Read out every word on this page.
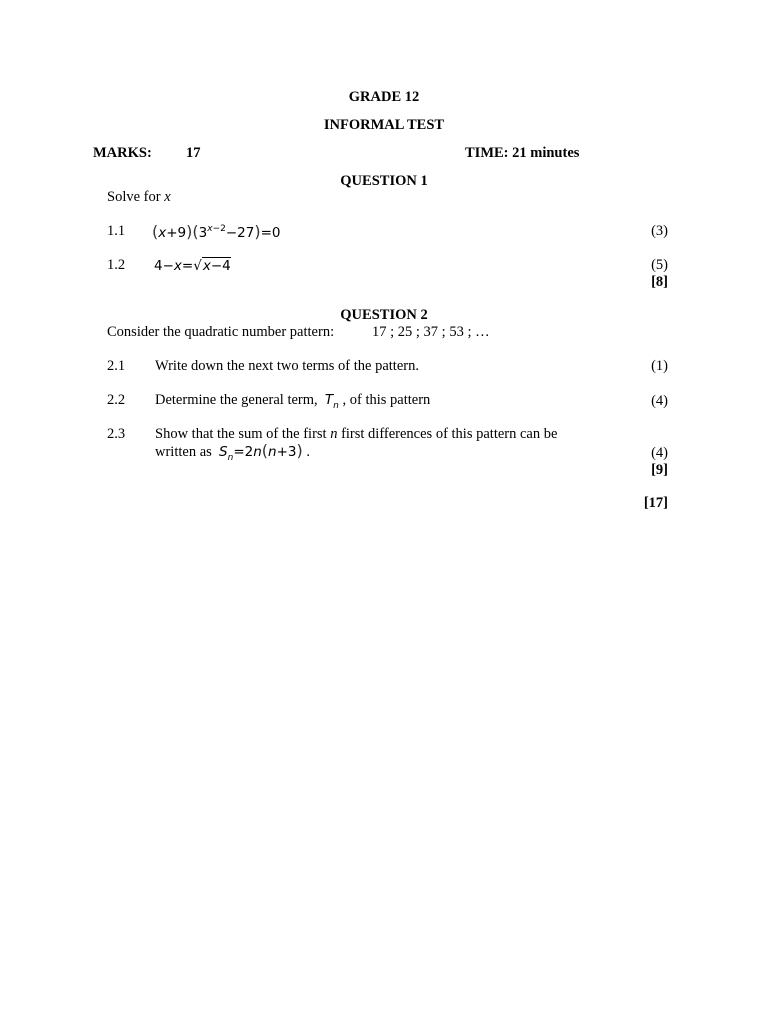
GRADE 12
INFORMAL TEST
MARKS: 17	TIME: 21 minutes
QUESTION 1
Solve for x
1.1 $(x+9)(3^{x-2}-27)=0$	(3)
1.2 4−x=√x−4	(5)
[8]
QUESTION 2
Consider the quadratic number pattern:	17 ; 25 ; 37 ; 53 ; …
2.1 Write down the next two terms of the pattern.	(1)
2.2 Determine the general term, $T_n$ , of this pattern	(4)
2.3 Show that the sum of the first n first differences of this pattern can be
written as $S_n=2n(n+3)$ .	(4)
[9]
[17]
